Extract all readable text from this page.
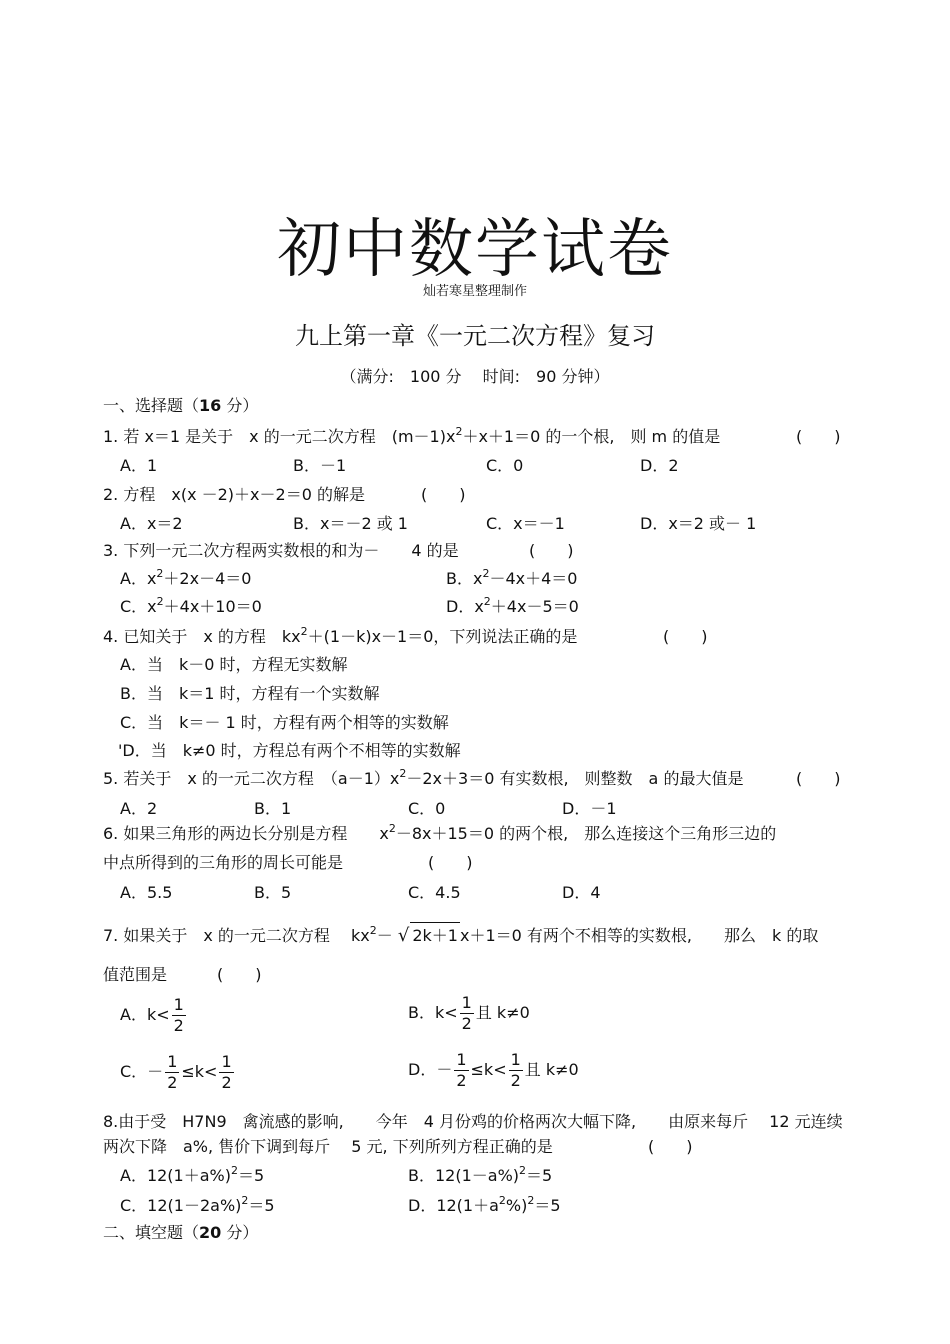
初中数学试卷
灿若寒星整理制作
九上第一章《一元二次方程》复习
（满分:　100 分　 时间:　90 分钟）
一、选择题（16 分）
1. 若 x＝1 是关于　x 的一元二次方程　$(m-1)x^2+x+1=0$ 的一个根,　则 m 的值是	(　　)
A．1	B．－1	C．0	D．2
2. 方程　x(x －2)＋x－2＝0 的解是	(　　)
A．x＝2	B．x＝－2 或 1	C．x＝－1	D．x＝2 或－ 1
3. 下列一元二次方程两实数根的和为－　　4 的是	(　　)
A．$x^2+2x-4=0$	B．$x^2-4x+4=0$
C．$x^2+4x+10=0$	D．$x^2+4x-5=0$
4. 已知关于　x 的方程　$kx^2+(1-k)x-1=0$，下列说法正确的是	(　　)
A．当　k－0 时，方程无实数解
B．当　k＝1 时，方程有一个实数解
C．当　k＝－ 1 时，方程有两个相等的实数解
'D．当　k≠0 时，方程总有两个不相等的实数解
5. 若关于　x 的一元二次方程　$(a-1)x^2-2x+3=0$ 有实数根,　则整数　a 的最大值是	(　　)
A．2	B．1	C．0	D．－1
6. 如果三角形的两边长分别是方程　　$x^2-8x+15=0$ 的两个根,　那么连接这个三角形三边的
中点所得到的三角形的周长可能是	(　　)
A．5.5	B．5	C．4.5	D．4
7. 如果关于　x 的一元二次方程　 $kx^2-$ √ 2k＋1 x＋1＝0 有两个不相等的实数根,　　那么　k 的取
值范围是	(　　)
A．$k< \frac{1}{2}$	B．$k< \frac{1}{2}$ 且 k≠0
C．－ $\frac{1}{2} \le k< \frac{1}{2}$	D．－ $\frac{1}{2} \le k< \frac{1}{2}$ 且 k≠0
8.由于受　H7N9　禽流感的影响,　　今年　4 月份鸡的价格两次大幅下降,　　由原来每斤　 12 元连续
两次下降　a%, 售价下调到每斤　 5 元, 下列所列方程正确的是	(　　)
A．$12(1+a\%)^2=5$	B．$12(1-a\%)^2=5$
C．$12(1-2a\%)^2=5$	D．$12(1+a^2\%)^2=5$
二、填空题（20 分）
